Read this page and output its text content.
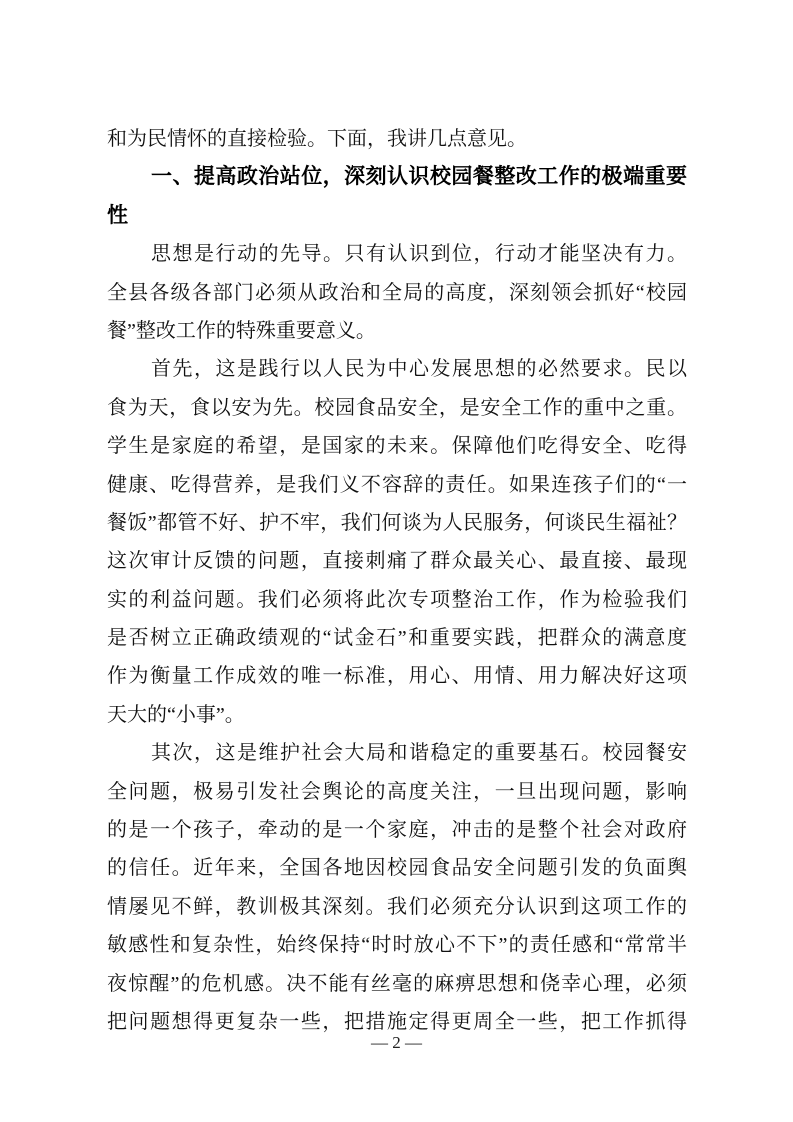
和为民情怀的直接检验。下面，我讲几点意见。
一、提高政治站位，深刻认识校园餐整改工作的极端重要
性
思想是行动的先导。只有认识到位，行动才能坚决有力。
全县各级各部门必须从政治和全局的高度，深刻领会抓好“校园
餐”整改工作的特殊重要意义。
首先，这是践行以人民为中心发展思想的必然要求。民以
食为天，食以安为先。校园食品安全，是安全工作的重中之重。
学生是家庭的希望，是国家的未来。保障他们吃得安全、吃得
健康、吃得营养，是我们义不容辞的责任。如果连孩子们的“一
餐饭”都管不好、护不牢，我们何谈为人民服务，何谈民生福祉？
这次审计反馈的问题，直接刺痛了群众最关心、最直接、最现
实的利益问题。我们必须将此次专项整治工作，作为检验我们
是否树立正确政绩观的“试金石”和重要实践，把群众的满意度
作为衡量工作成效的唯一标准，用心、用情、用力解决好这项
天大的“小事”。
其次，这是维护社会大局和谐稳定的重要基石。校园餐安
全问题，极易引发社会舆论的高度关注，一旦出现问题，影响
的是一个孩子，牵动的是一个家庭，冲击的是整个社会对政府
的信任。近年来，全国各地因校园食品安全问题引发的负面舆
情屡见不鲜，教训极其深刻。我们必须充分认识到这项工作的
敏感性和复杂性，始终保持“时时放心不下”的责任感和“常常半
夜惊醒”的危机感。决不能有丝毫的麻痹思想和侥幸心理，必须
把问题想得更复杂一些，把措施定得更周全一些，把工作抓得
— 2 —
